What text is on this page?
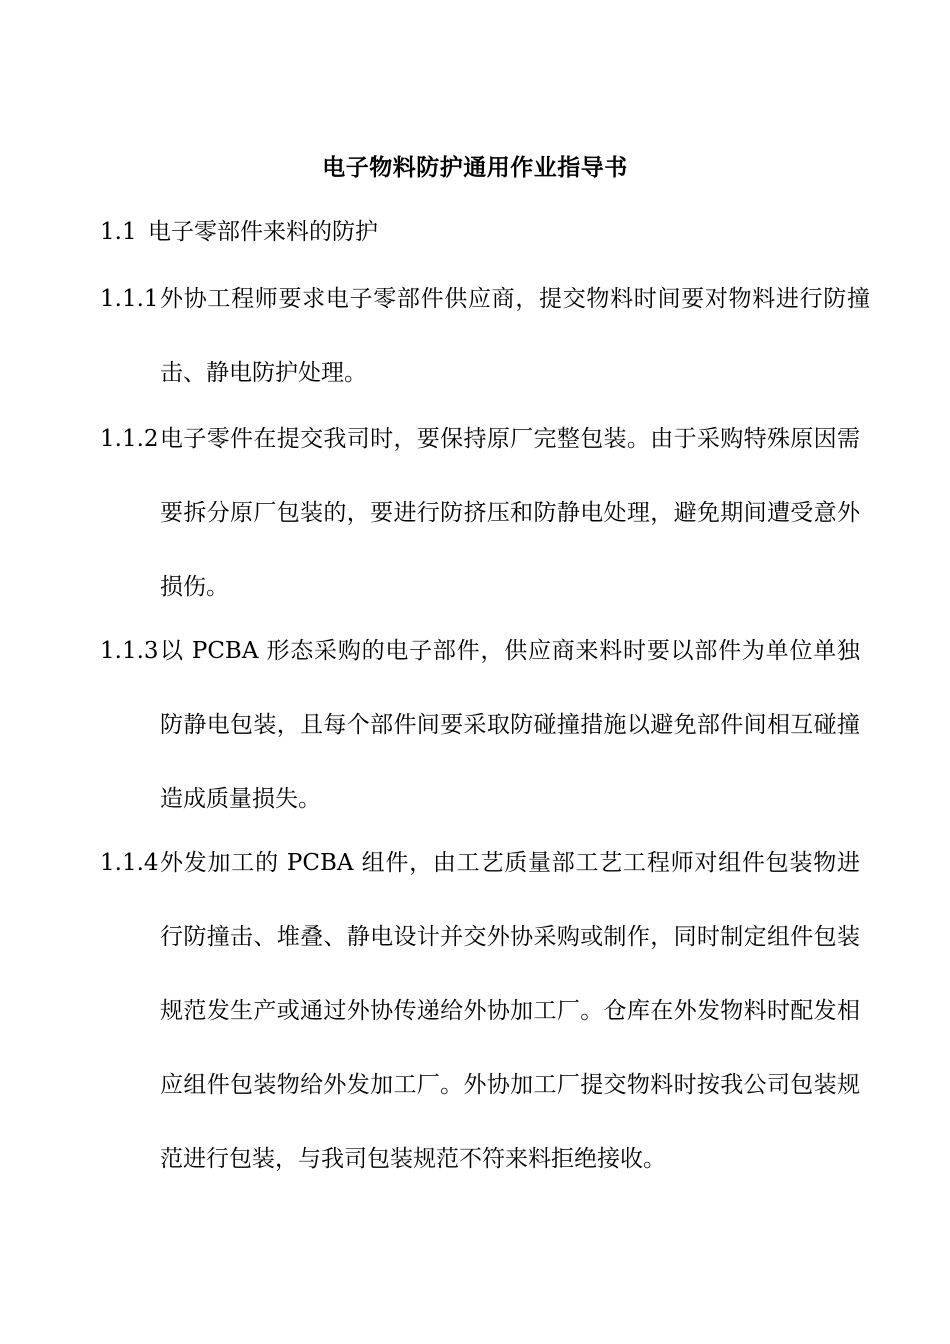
电子物料防护通用作业指导书
1.1 电子零部件来料的防护
1.1.1 外协工程师要求电子零部件供应商，提交物料时间要对物料进行防撞击、静电防护处理。
1.1.2 电子零件在提交我司时，要保持原厂完整包装。由于采购特殊原因需要拆分原厂包装的，要进行防挤压和防静电处理，避免期间遭受意外损伤。
1.1.3 以 PCBA 形态采购的电子部件，供应商来料时要以部件为单位单独防静电包装，且每个部件间要采取防碰撞措施以避免部件间相互碰撞造成质量损失。
1.1.4 外发加工的 PCBA 组件，由工艺质量部工艺工程师对组件包装物进行防撞击、堆叠、静电设计并交外协采购或制作，同时制定组件包装规范发生产或通过外协传递给外协加工厂。仓库在外发物料时配发相应组件包装物给外发加工厂。外协加工厂提交物料时按我公司包装规范进行包装，与我司包装规范不符来料拒绝接收。
